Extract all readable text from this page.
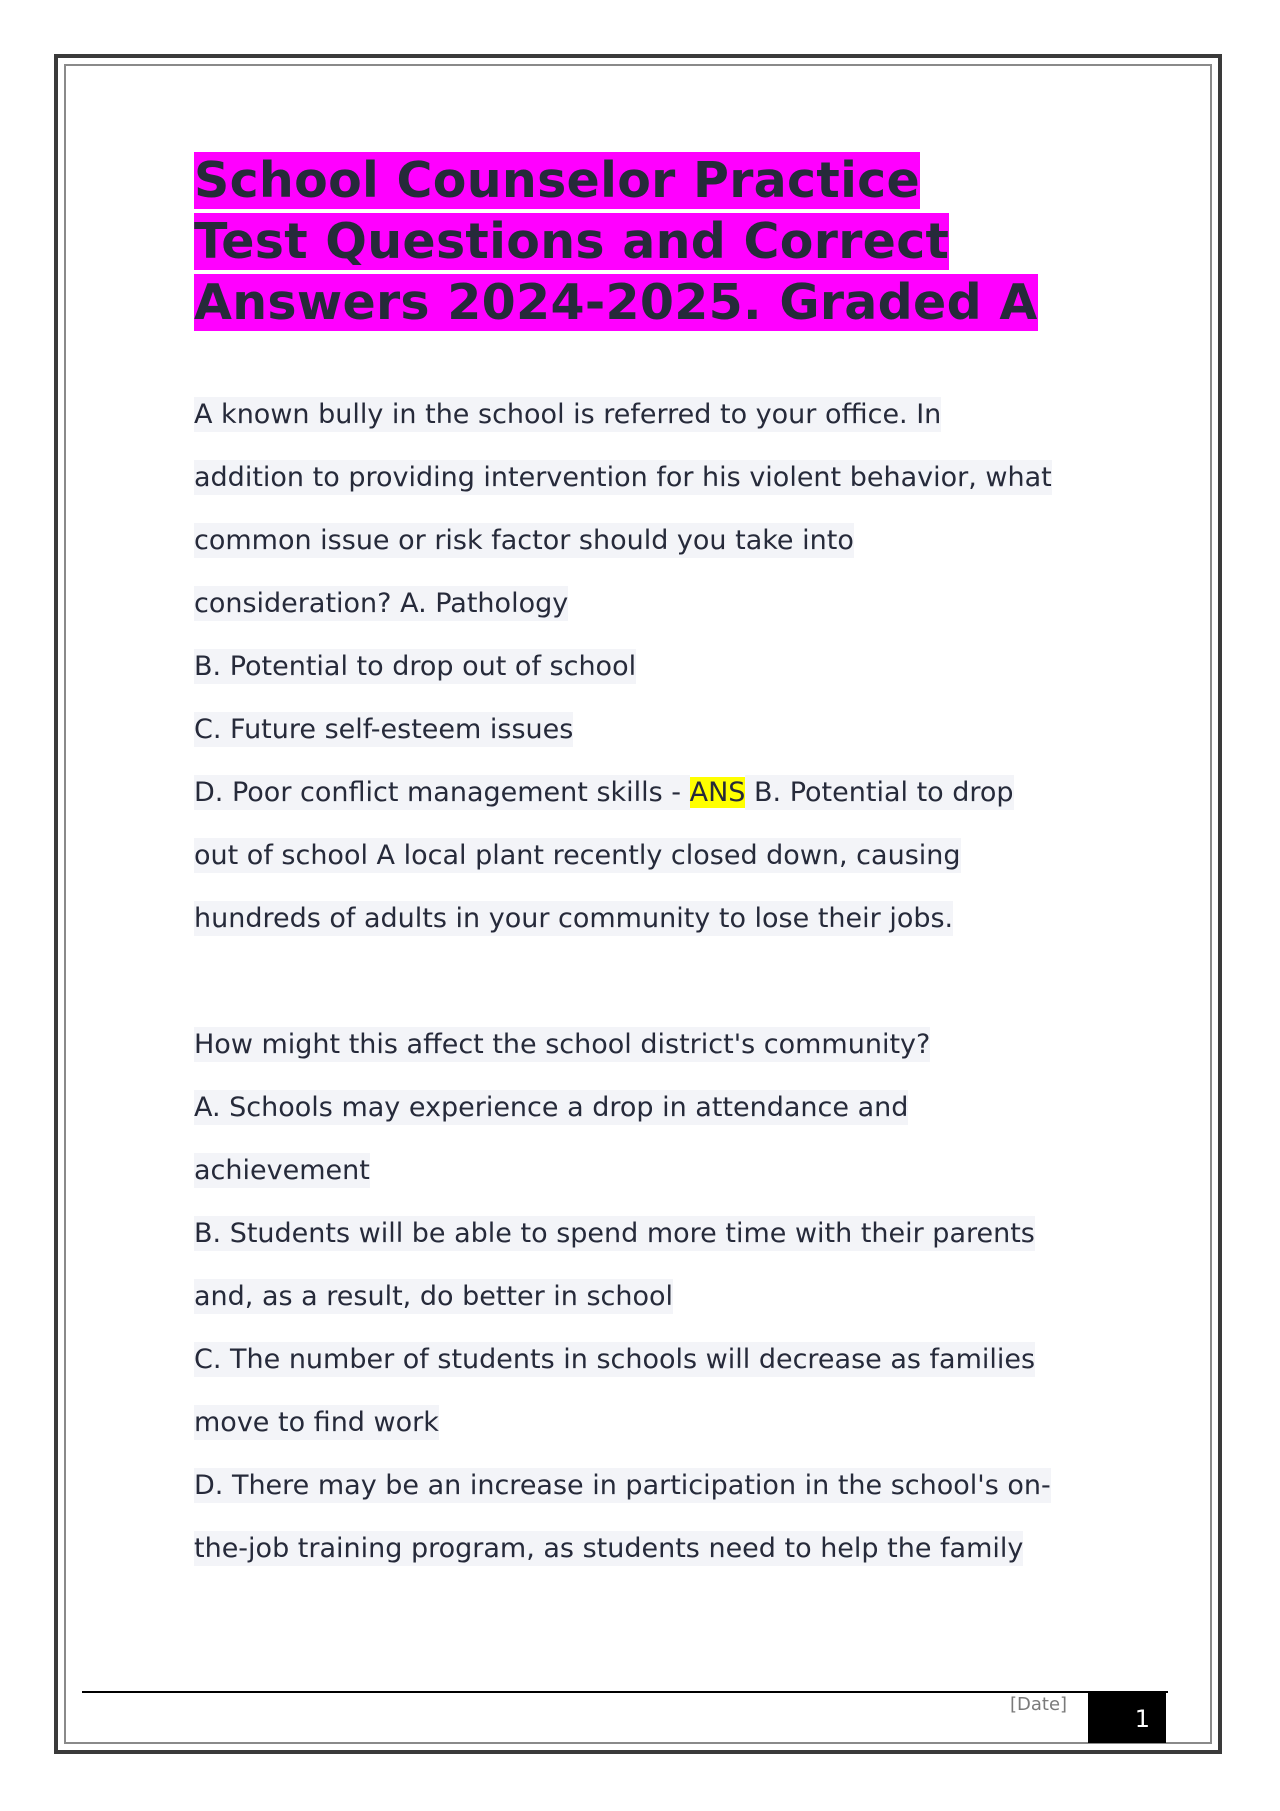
School Counselor Practice
Test Questions and Correct
Answers 2024-2025. Graded A
A known bully in the school is referred to your office. In
addition to providing intervention for his violent behavior, what
common issue or risk factor should you take into
consideration? A. Pathology
B. Potential to drop out of school
C. Future self-esteem issues
D. Poor conflict management skills - ANS B. Potential to drop
out of school A local plant recently closed down, causing
hundreds of adults in your community to lose their jobs.
How might this affect the school district's community?
A. Schools may experience a drop in attendance and
achievement
B. Students will be able to spend more time with their parents
and, as a result, do better in school
C. The number of students in schools will decrease as families
move to find work
D. There may be an increase in participation in the school's on-
the-job training program, as students need to help the family
[Date]
1
